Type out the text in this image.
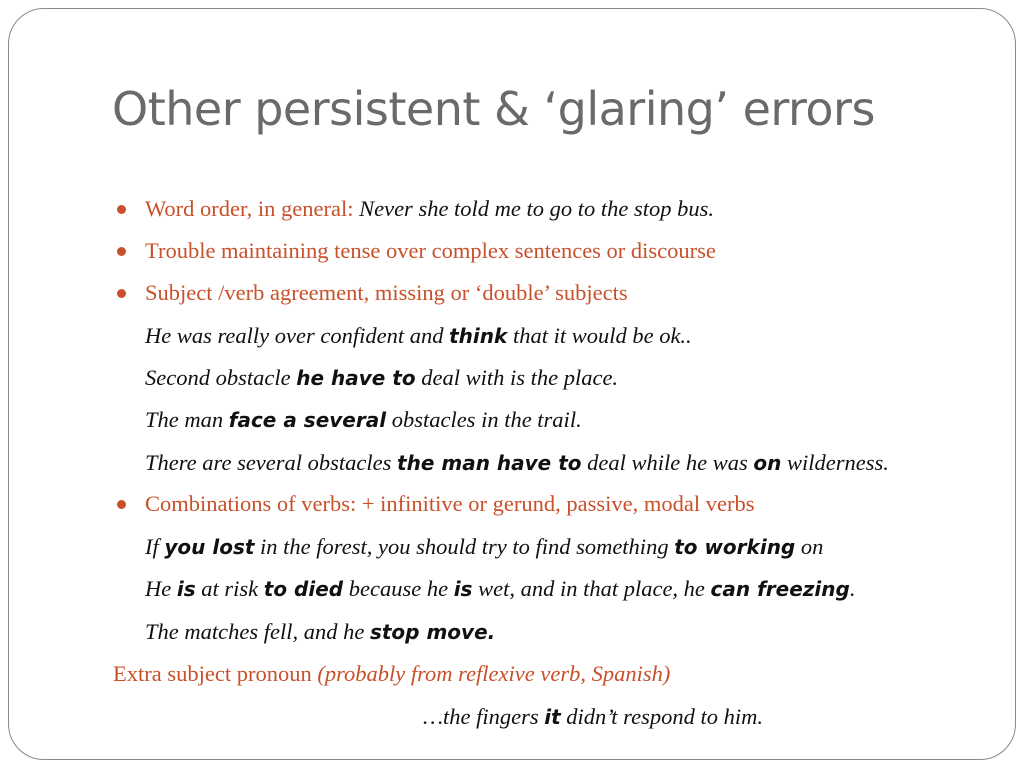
Other persistent & ‘glaring’ errors
Word order, in general: Never she told me to go to the stop bus.
Trouble maintaining tense over complex sentences or discourse
Subject /verb agreement, missing or ‘double’ subjects
He was really over confident and think that it would be ok..
Second obstacle he have to deal with is the place.
The man face a several obstacles in the trail.
There are several obstacles the man have to deal while he was on wilderness.
Combinations of verbs: + infinitive or gerund, passive, modal verbs
If you lost in the forest, you should try to find something to working on
He is at risk to died because he is wet, and in that place, he can freezing.
The matches fell, and he stop move.
Extra subject pronoun (probably from reflexive verb, Spanish)
…the fingers it didn’t respond to him.
